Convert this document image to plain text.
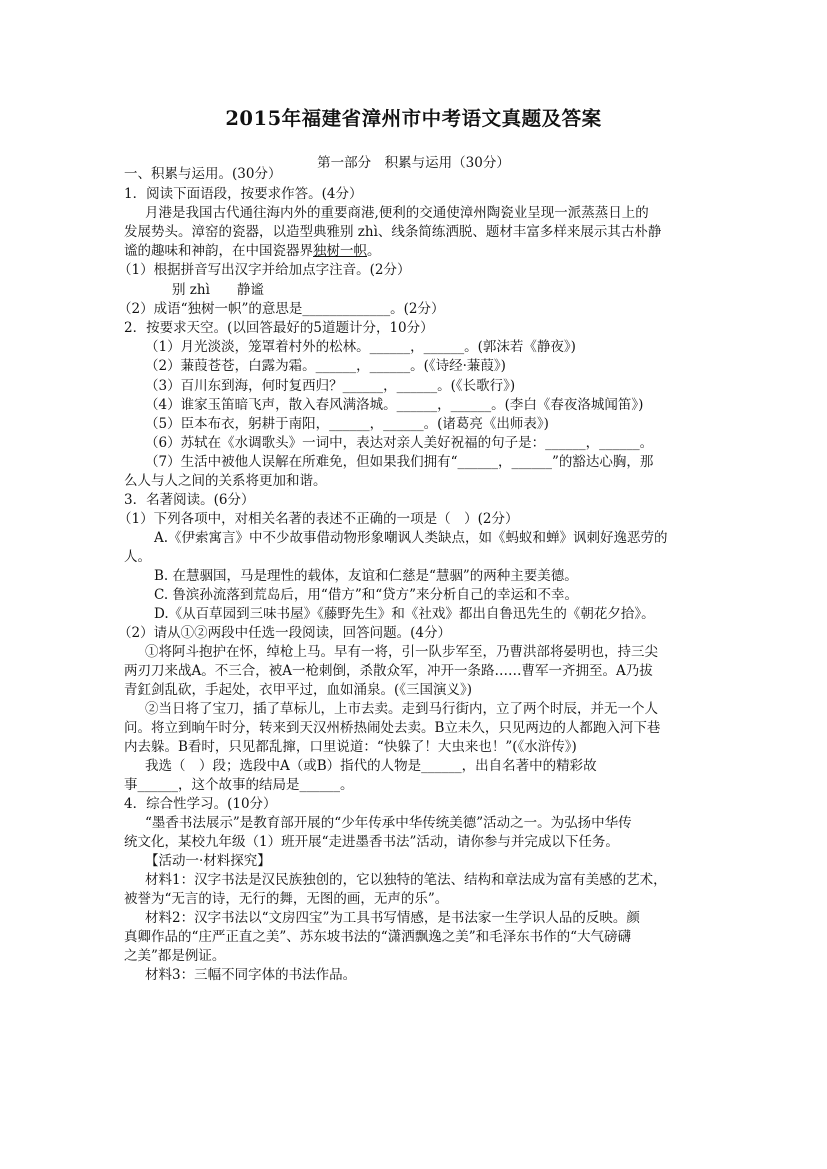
2015年福建省漳州市中考语文真题及答案
第一部分　积累与运用（30分）
一、积累与运用。(30分）
1．阅读下面语段，按要求作答。(4分）
月港是我国古代通往海内外的重要商港,便利的交通使漳州陶瓷业呈现一派蒸蒸日上的
发展势头。漳窑的瓷器，以造型典雅别 zhì、线条简练洒脱、题材丰富多样来展示其古朴静
谧的趣味和神韵，在中国瓷器界独树一帜。
（1）根据拼音写出汉字并给加点字注音。(2分）
别 zhì　　静谧
（2）成语“独树一帜”的意思是_____________。(2分）
2．按要求天空。(以回答最好的5道题计分，10分）
（1）月光淡淡，笼罩着村外的松林。______，______。(郭沫若《静夜》)
（2）蒹葭苍苍，白露为霜。______，______。(《诗经·蒹葭》)
（3）百川东到海，何时复西归？______，______。(《长歌行》)
（4）谁家玉笛暗飞声，散入春风满洛城。______，______。(李白《春夜洛城闻笛》)
（5）臣本布衣，躬耕于南阳，______，______。(诸葛亮《出师表》)
（6）苏轼在《水调歌头》一词中，表达对亲人美好祝福的句子是：______，______。
（7）生活中被他人误解在所难免，但如果我们拥有“______，______”的豁达心胸，那
么人与人之间的关系将更加和谐。
3．名著阅读。(6分）
（1）下列各项中，对相关名著的表述不正确的一项是（　）(2分）
A.《伊索寓言》中不少故事借动物形象嘲讽人类缺点，如《蚂蚁和蝉》讽刺好逸恶劳的
人。
B. 在慧骃国，马是理性的载体，友谊和仁慈是“慧骃”的两种主要美德。
C. 鲁滨孙流落到荒岛后，用“借方”和“贷方”来分析自己的幸运和不幸。
D.《从百草园到三味书屋》《藤野先生》和《社戏》都出自鲁迅先生的《朝花夕拾》。
（2）请从①②两段中任选一段阅读，回答问题。(4分）
①将阿斗抱护在怀，绰枪上马。早有一将，引一队步军至，乃曹洪部将晏明也，持三尖
两刃刀来战A。不三合，被A一枪刺倒，杀散众军，冲开一条路……曹军一齐拥至。A乃拔
青釭剑乱砍，手起处，衣甲平过，血如涌泉。(《三国演义》)
②当日将了宝刀，插了草标儿，上市去卖。走到马行街内，立了两个时辰，并无一个人
问。将立到晌午时分，转来到天汉州桥热闹处去卖。B立未久，只见两边的人都跑入河下巷
内去躲。B看时，只见都乱撺，口里说道：“快躲了！大虫来也！”(《水浒传》)
我选（　）段；选段中A（或B）指代的人物是______，出自名著中的精彩故
事______，这个故事的结局是______。
4．综合性学习。(10分）
“墨香书法展示”是教育部开展的“少年传承中华传统美德”活动之一。为弘扬中华传
统文化，某校九年级（1）班开展“走进墨香书法”活动，请你参与并完成以下任务。
【活动一·材料探究】
材料1：汉字书法是汉民族独创的，它以独特的笔法、结构和章法成为富有美感的艺术，
被誉为“无言的诗，无行的舞，无图的画，无声的乐”。
材料2：汉字书法以“文房四宝”为工具书写情感，是书法家一生学识人品的反映。颜
真卿作品的“庄严正直之美”、苏东坡书法的“潇洒飘逸之美”和毛泽东书作的“大气磅礴
之美”都是例证。
材料3：三幅不同字体的书法作品。
